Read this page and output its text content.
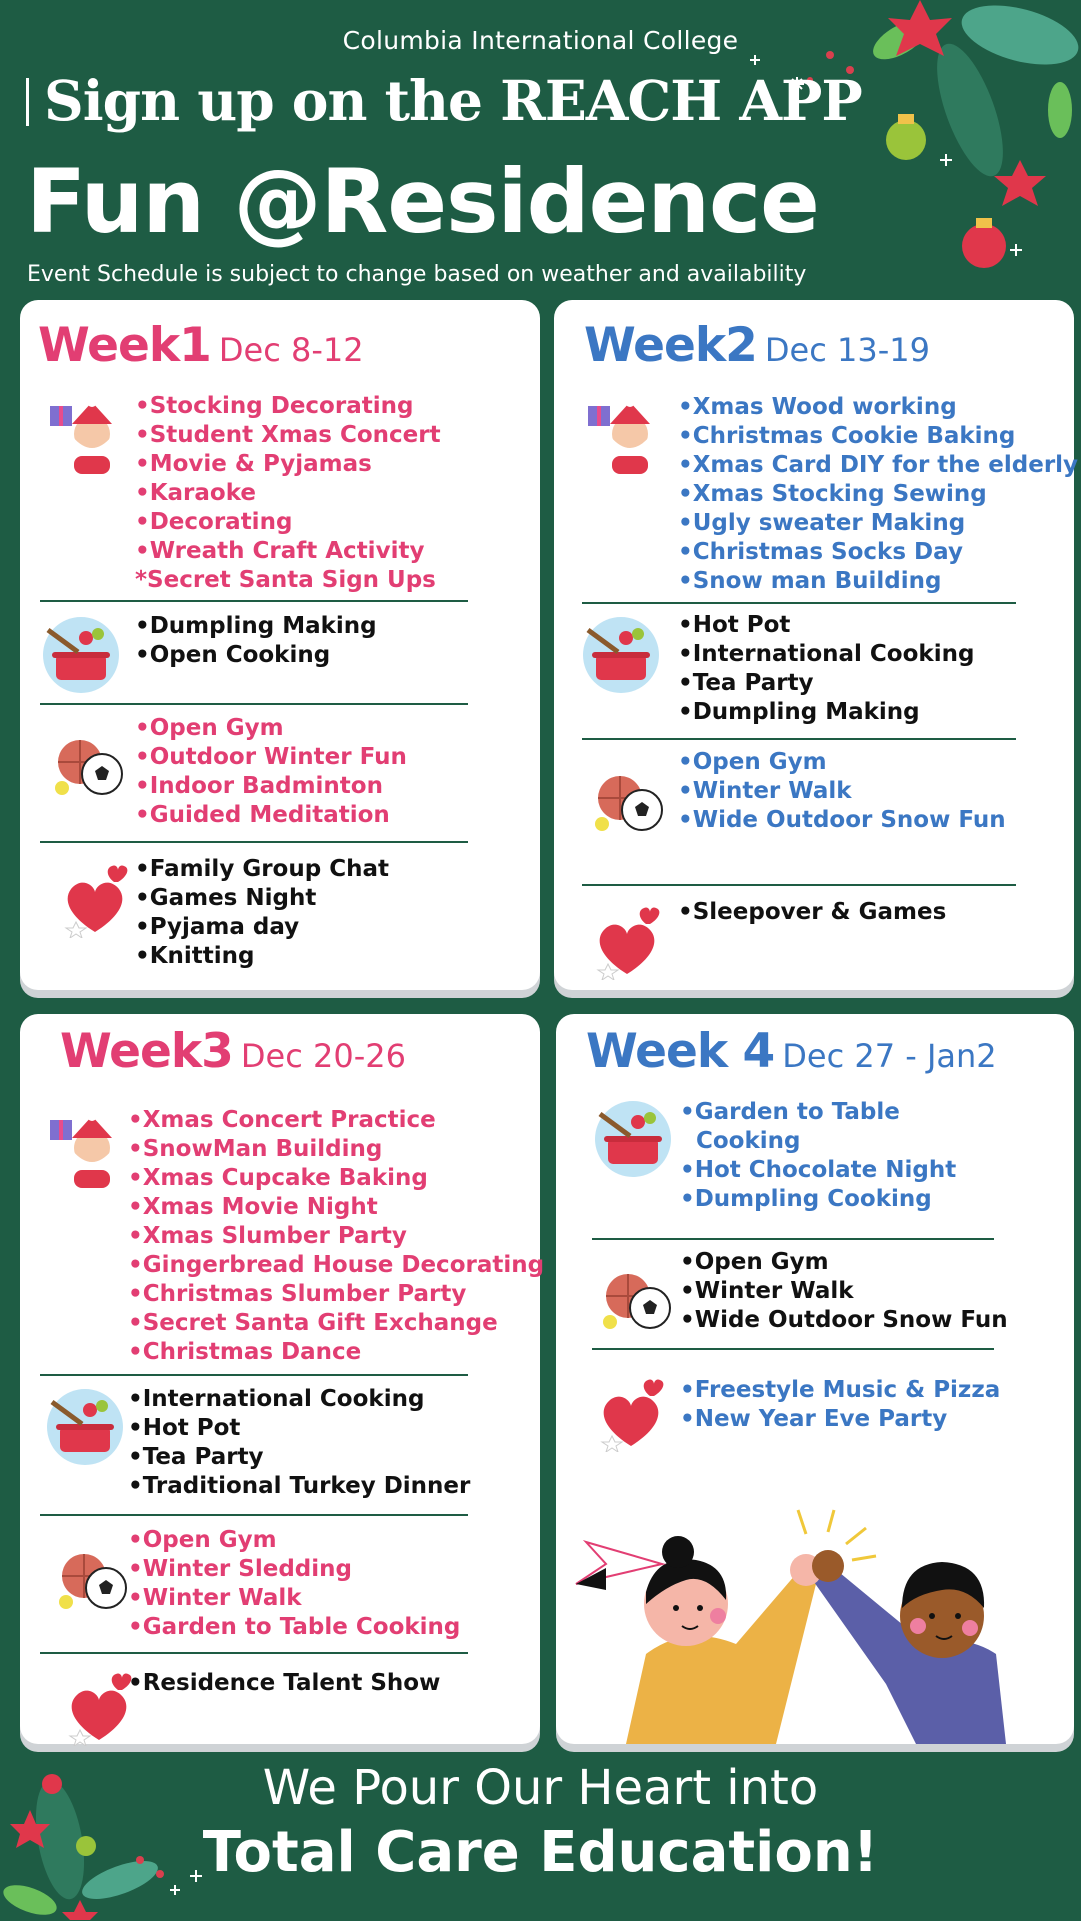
Columbia International College
Sign up on the REACH APP
Fun @Residence
Event Schedule is subject to change based on weather and availability
Week1 Dec 8-12
• Stocking Decorating
• Student Xmas Concert
• Movie & Pyjamas
• Karaoke
• Decorating
• Wreath Craft Activity
*Secret Santa Sign Ups
• Dumpling Making
• Open Cooking
• Open Gym
• Outdoor Winter Fun
• Indoor Badminton
• Guided Meditation
• Family Group Chat
• Games Night
• Pyjama day
• Knitting
Week2 Dec 13-19
• Xmas Wood working
• Christmas Cookie Baking
• Xmas Card DIY for the elderly
• Xmas Stocking Sewing
• Ugly sweater Making
• Christmas Socks Day
• Snow man Building
• Hot Pot
• International Cooking
• Tea Party
• Dumpling Making
• Open Gym
• Winter Walk
• Wide Outdoor Snow Fun
• Sleepover & Games
Week3 Dec 20-26
• Xmas Concert Practice
• SnowMan Building
• Xmas Cupcake Baking
• Xmas Movie Night
• Xmas Slumber Party
• Gingerbread House Decorating
• Christmas Slumber Party
• Secret Santa Gift Exchange
• Christmas Dance
• International Cooking
• Hot Pot
• Tea Party
• Traditional Turkey Dinner
• Open Gym
• Winter Sledding
• Winter Walk
• Garden to Table Cooking
• Residence Talent Show
Week 4 Dec 27 - Jan2
• Garden to Table
Cooking
• Hot Chocolate Night
• Dumpling Cooking
• Open Gym
• Winter Walk
• Wide Outdoor Snow Fun
• Freestyle Music & Pizza
• New Year Eve Party
We Pour Our Heart into
Total Care Education!
